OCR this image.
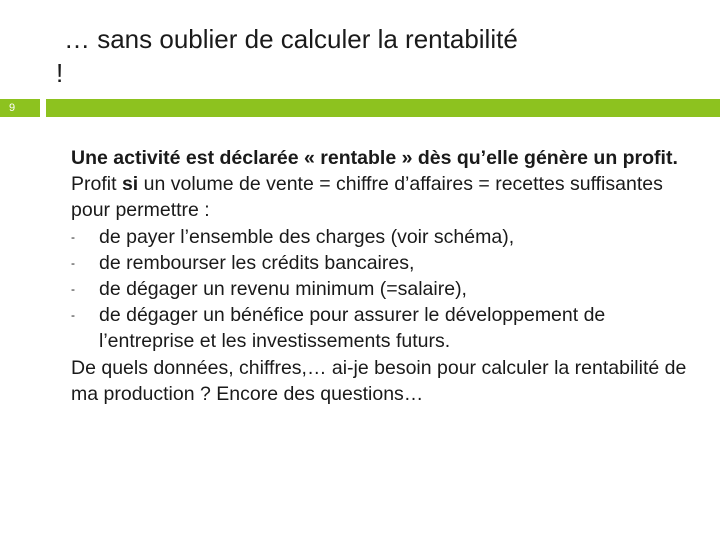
… sans oublier de calculer la rentabilité
!
9

Une activité est déclarée « rentable » dès qu’elle génère un profit.

Profit si un volume de vente = chiffre d’affaires = recettes suffisantes pour permettre :

- de payer l’ensemble des charges (voir schéma),
- de rembourser les crédits bancaires,
- de dégager un revenu minimum (=salaire),
- de dégager un bénéfice pour assurer le développement de l’entreprise et les investissements futurs.

De quels données, chiffres,… ai-je besoin pour calculer la rentabilité de ma production ? Encore des questions…
